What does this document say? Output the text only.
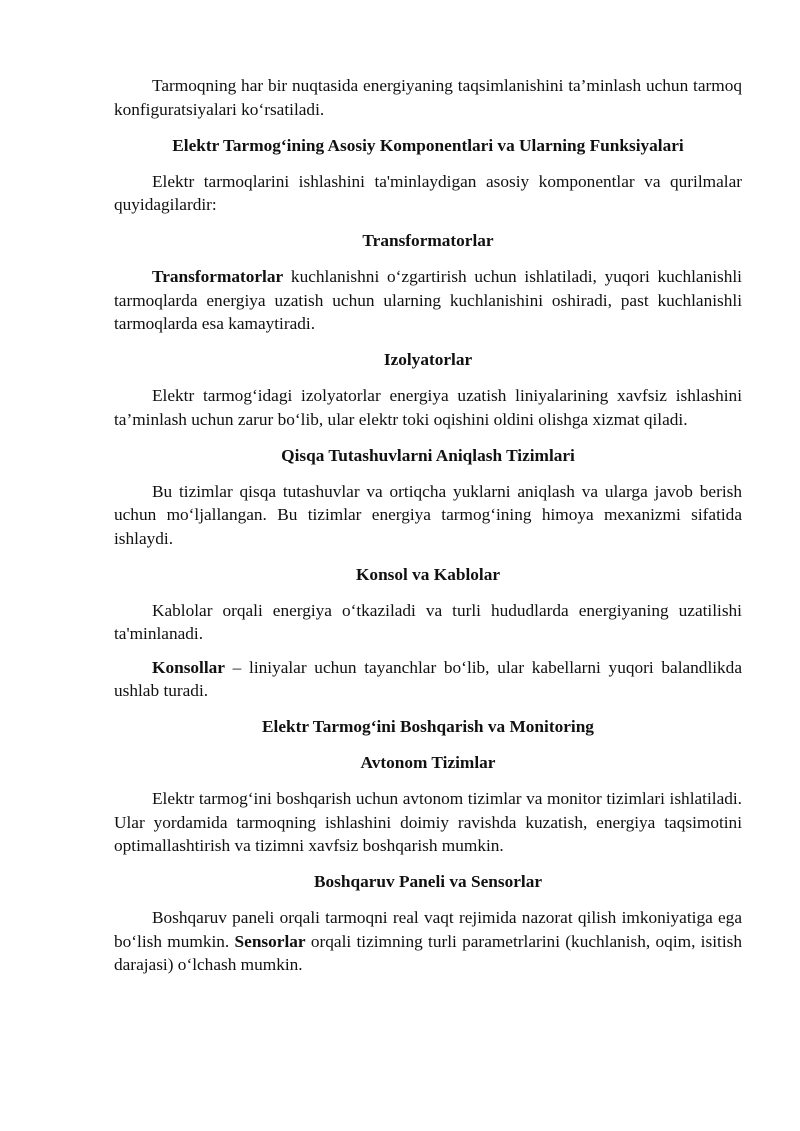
Tarmoqning har bir nuqtasida energiyaning taqsimlanishini ta’minlash uchun tarmoq konfiguratsiyalari ko‘rsatiladi.

Elektr Tarmog‘ining Asosiy Komponentlari va Ularning Funksiyalari

Elektr tarmoqlarini ishlashini ta'minlaydigan asosiy komponentlar va qurilmalar quyidagilardir:

Transformatorlar

Transformatorlar kuchlanishni o‘zgartirish uchun ishlatiladi, yuqori kuchlanishli tarmoqlarda energiya uzatish uchun ularning kuchlanishini oshiradi, past kuchlanishli tarmoqlarda esa kamaytiradi.

Izolyatorlar

Elektr tarmog‘idagi izolyatorlar energiya uzatish liniyalarining xavfsiz ishlashini ta’minlash uchun zarur bo‘lib, ular elektr toki oqishini oldini olishga xizmat qiladi.

Qisqa Tutashuvlarni Aniqlash Tizimlari

Bu tizimlar qisqa tutashuvlar va ortiqcha yuklarni aniqlash va ularga javob berish uchun mo‘ljallangan. Bu tizimlar energiya tarmog‘ining himoya mexanizmi sifatida ishlaydi.

Konsol va Kablolar

Kablolar orqali energiya o‘tkaziladi va turli hududlarda energiyaning uzatilishi ta'minlanadi.

Konsollar – liniyalar uchun tayanchlar bo‘lib, ular kabellarni yuqori balandlikda ushlab turadi.

Elektr Tarmog‘ini Boshqarish va Monitoring
Avtonom Tizimlar

Elektr tarmog‘ini boshqarish uchun avtonom tizimlar va monitor tizimlari ishlatiladi. Ular yordamida tarmoqning ishlashini doimiy ravishda kuzatish, energiya taqsimotini optimallashtirish va tizimni xavfsiz boshqarish mumkin.

Boshqaruv Paneli va Sensorlar

Boshqaruv paneli orqali tarmoqni real vaqt rejimida nazorat qilish imkoniyatiga ega bo‘lish mumkin. Sensorlar orqali tizimning turli parametrlarini (kuchlanish, oqim, isitish darajasi) o‘lchash mumkin.
